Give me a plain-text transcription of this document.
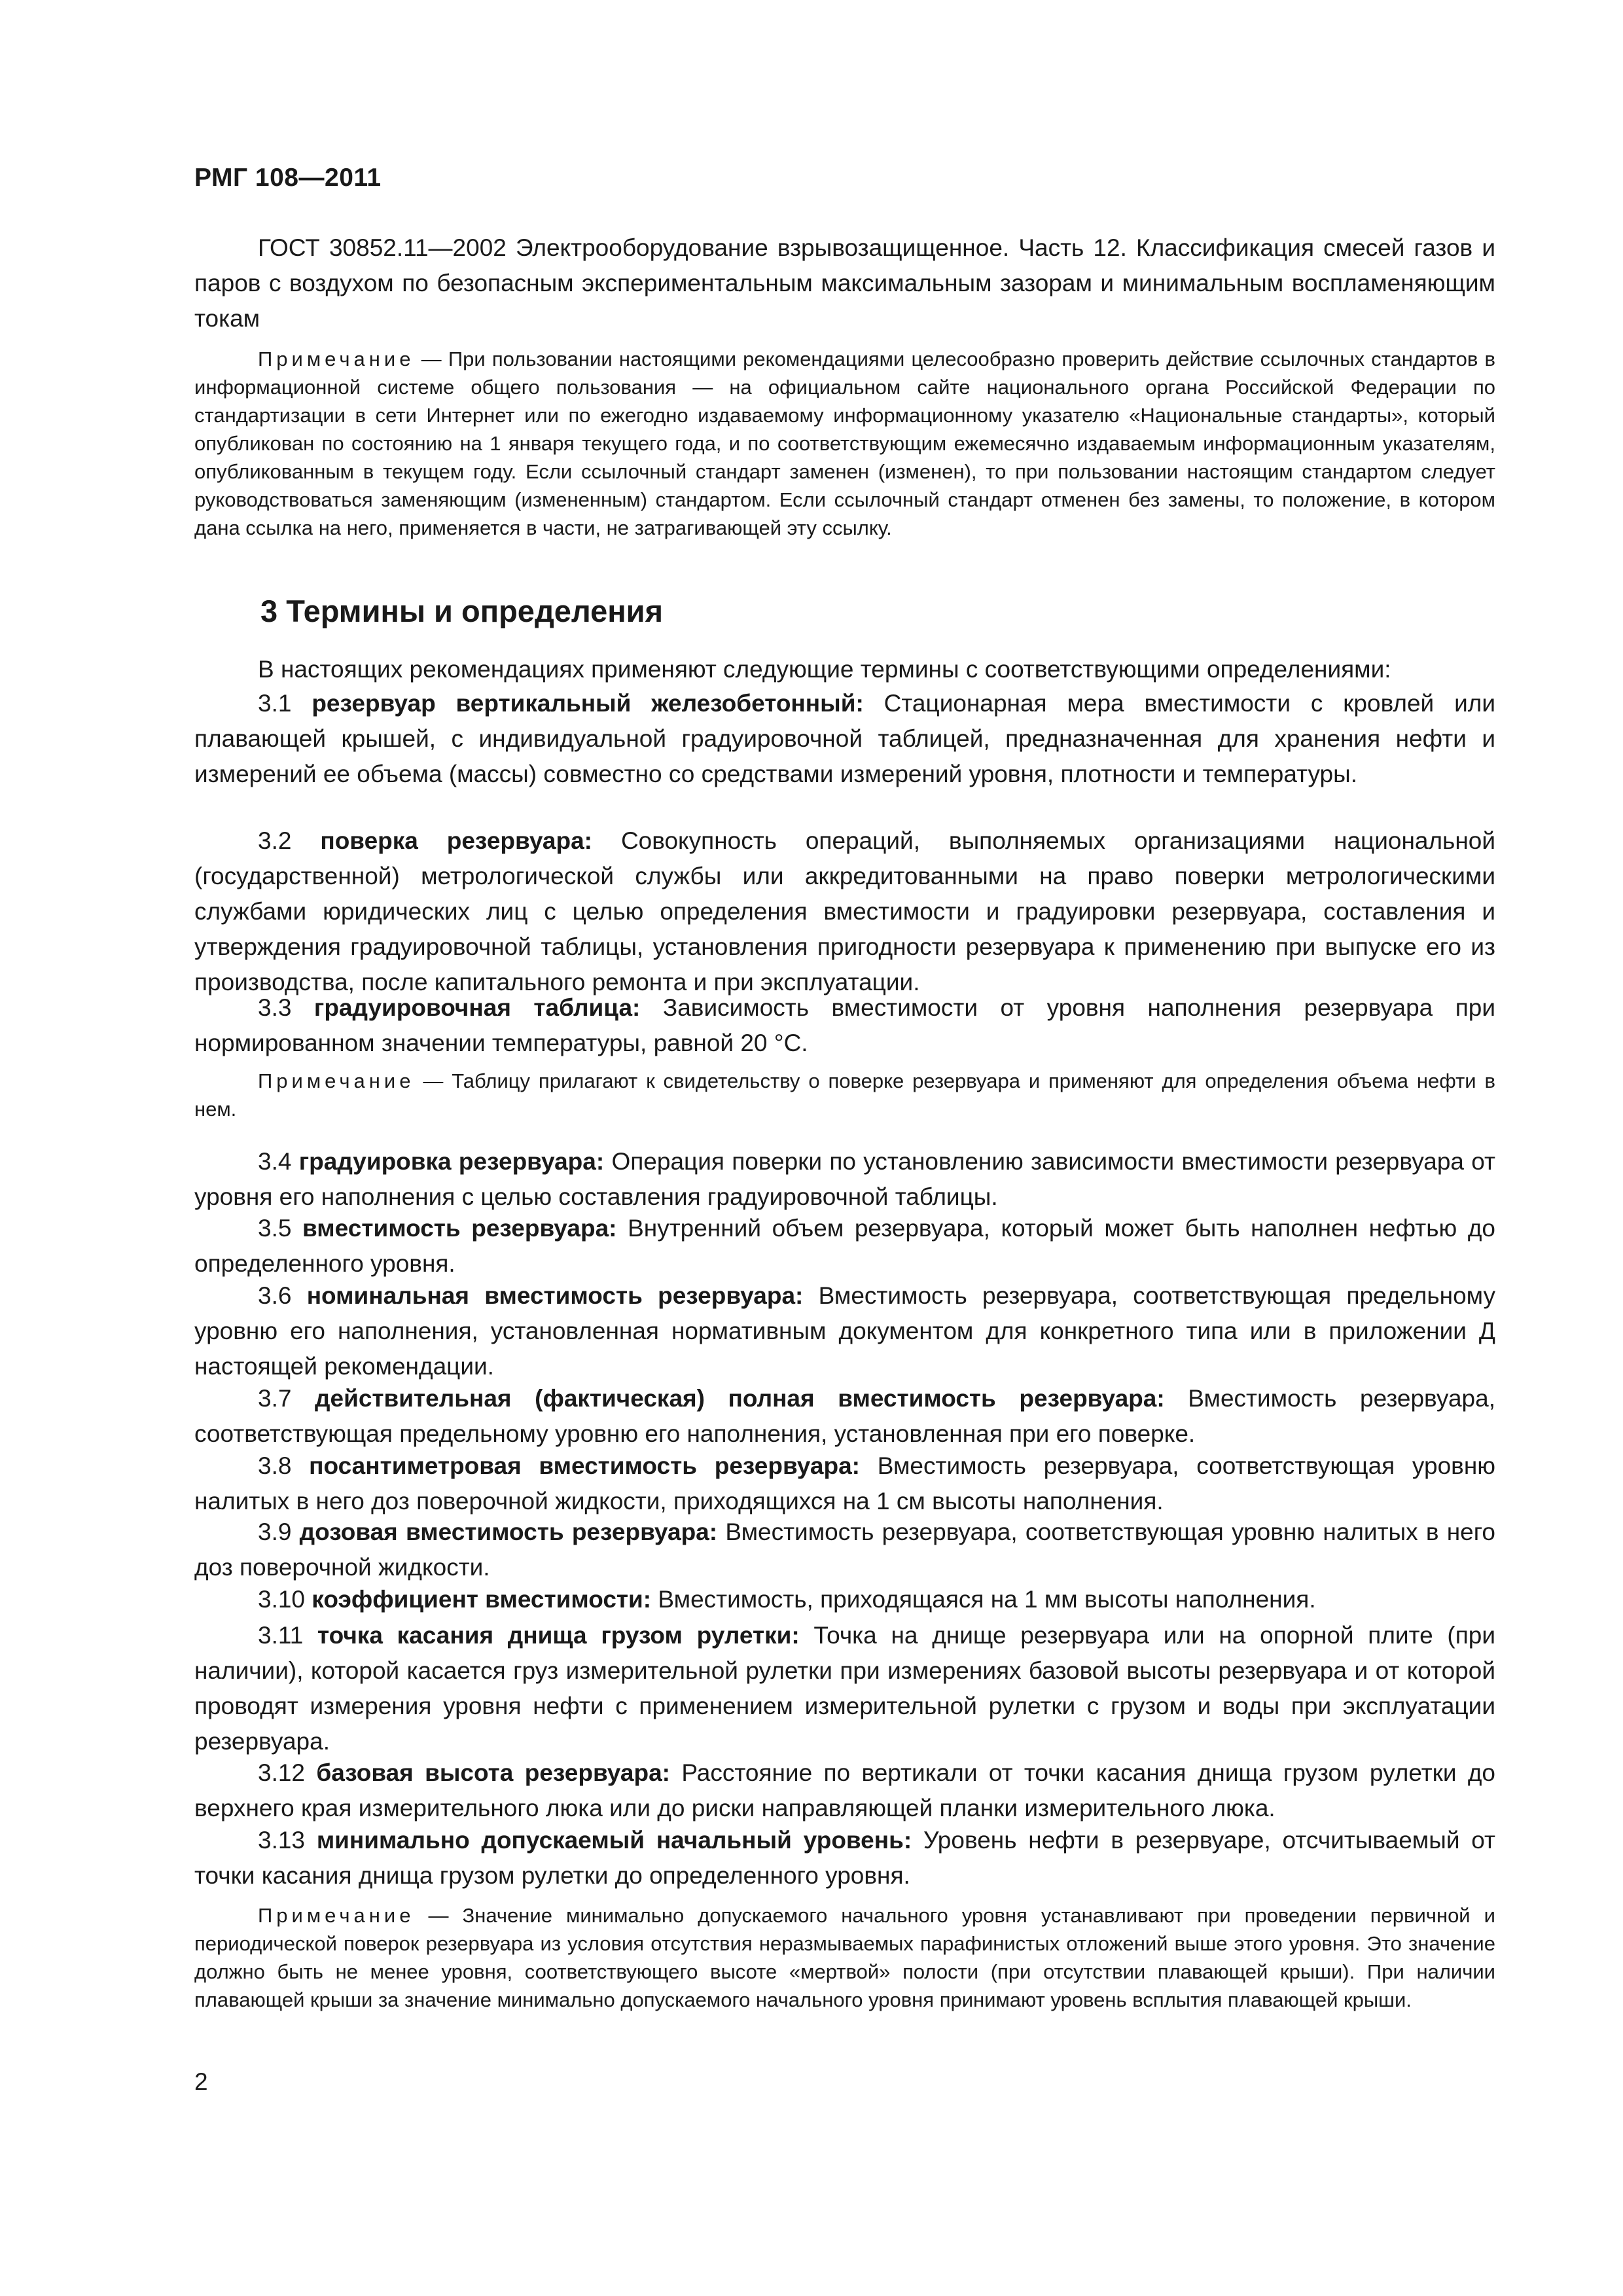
РМГ 108—2011
ГОСТ 30852.11—2002 Электрооборудование взрывозащищенное. Часть 12. Классификация смесей газов и паров с воздухом по безопасным экспериментальным максимальным зазорам и минимальным воспламеняющим токам
Примечание — При пользовании настоящими рекомендациями целесообразно проверить действие ссылочных стандартов в информационной системе общего пользования — на официальном сайте национального органа Российской Федерации по стандартизации в сети Интернет или по ежегодно издаваемому информационному указателю «Национальные стандарты», который опубликован по состоянию на 1 января текущего года, и по соответствующим ежемесячно издаваемым информационным указателям, опубликованным в текущем году. Если ссылочный стандарт заменен (изменен), то при пользовании настоящим стандартом следует руководствоваться заменяющим (измененным) стандартом. Если ссылочный стандарт отменен без замены, то положение, в котором дана ссылка на него, применяется в части, не затрагивающей эту ссылку.
3 Термины и определения
В настоящих рекомендациях применяют следующие термины с соответствующими определениями:
3.1 резервуар вертикальный железобетонный: Стационарная мера вместимости с кровлей или плавающей крышей, с индивидуальной градуировочной таблицей, предназначенная для хранения нефти и измерений ее объема (массы) совместно со средствами измерений уровня, плотности и температуры.
3.2 поверка резервуара: Совокупность операций, выполняемых организациями национальной (государственной) метрологической службы или аккредитованными на право поверки метрологическими службами юридических лиц с целью определения вместимости и градуировки резервуара, составления и утверждения градуировочной таблицы, установления пригодности резервуара к применению при выпуске его из производства, после капитального ремонта и при эксплуатации.
3.3 градуировочная таблица: Зависимость вместимости от уровня наполнения резервуара при нормированном значении температуры, равной 20 °С.
Примечание — Таблицу прилагают к свидетельству о поверке резервуара и применяют для определения объема нефти в нем.
3.4 градуировка резервуара: Операция поверки по установлению зависимости вместимости резервуара от уровня его наполнения с целью составления градуировочной таблицы.
3.5 вместимость резервуара: Внутренний объем резервуара, который может быть наполнен нефтью до определенного уровня.
3.6 номинальная вместимость резервуара: Вместимость резервуара, соответствующая предельному уровню его наполнения, установленная нормативным документом для конкретного типа или в приложении Д настоящей рекомендации.
3.7 действительная (фактическая) полная вместимость резервуара: Вместимость резервуара, соответствующая предельному уровню его наполнения, установленная при его поверке.
3.8 посантиметровая вместимость резервуара: Вместимость резервуара, соответствующая уровню налитых в него доз поверочной жидкости, приходящихся на 1 см высоты наполнения.
3.9 дозовая вместимость резервуара: Вместимость резервуара, соответствующая уровню налитых в него доз поверочной жидкости.
3.10 коэффициент вместимости: Вместимость, приходящаяся на 1 мм высоты наполнения.
3.11 точка касания днища грузом рулетки: Точка на днище резервуара или на опорной плите (при наличии), которой касается груз измерительной рулетки при измерениях базовой высоты резервуара и от которой проводят измерения уровня нефти с применением измерительной рулетки с грузом и воды при эксплуатации резервуара.
3.12 базовая высота резервуара: Расстояние по вертикали от точки касания днища грузом рулетки до верхнего края измерительного люка или до риски направляющей планки измерительного люка.
3.13 минимально допускаемый начальный уровень: Уровень нефти в резервуаре, отсчитываемый от точки касания днища грузом рулетки до определенного уровня.
Примечание — Значение минимально допускаемого начального уровня устанавливают при проведении первичной и периодической поверок резервуара из условия отсутствия неразмываемых парафинистых отложений выше этого уровня. Это значение должно быть не менее уровня, соответствующего высоте «мертвой» полости (при отсутствии плавающей крыши). При наличии плавающей крыши за значение минимально допускаемого начального уровня принимают уровень всплытия плавающей крыши.
2
